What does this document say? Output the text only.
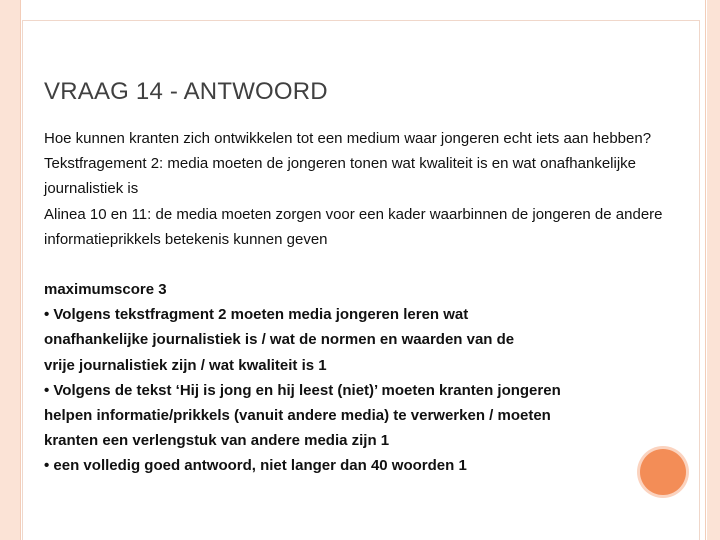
VRAAG 14 - ANTWOORD

Hoe kunnen kranten zich ontwikkelen tot een medium waar jongeren echt iets aan hebben?

Tekstfragement 2: media moeten de jongeren tonen wat kwaliteit is en wat onafhankelijke journalistiek is

Alinea 10 en 11: de media moeten zorgen voor een kader waarbinnen de jongeren de andere informatieprikkels betekenis kunnen geven

maximumscore 3

• Volgens tekstfragment 2 moeten media jongeren leren wat

onafhankelijke journalistiek is / wat de normen en waarden van de

vrije journalistiek zijn / wat kwaliteit is 1

• Volgens de tekst ‘Hij is jong en hij leest (niet)’ moeten kranten jongeren

helpen informatie/prikkels (vanuit andere media) te verwerken / moeten

kranten een verlengstuk van andere media zijn 1

• een volledig goed antwoord, niet langer dan 40 woorden 1
